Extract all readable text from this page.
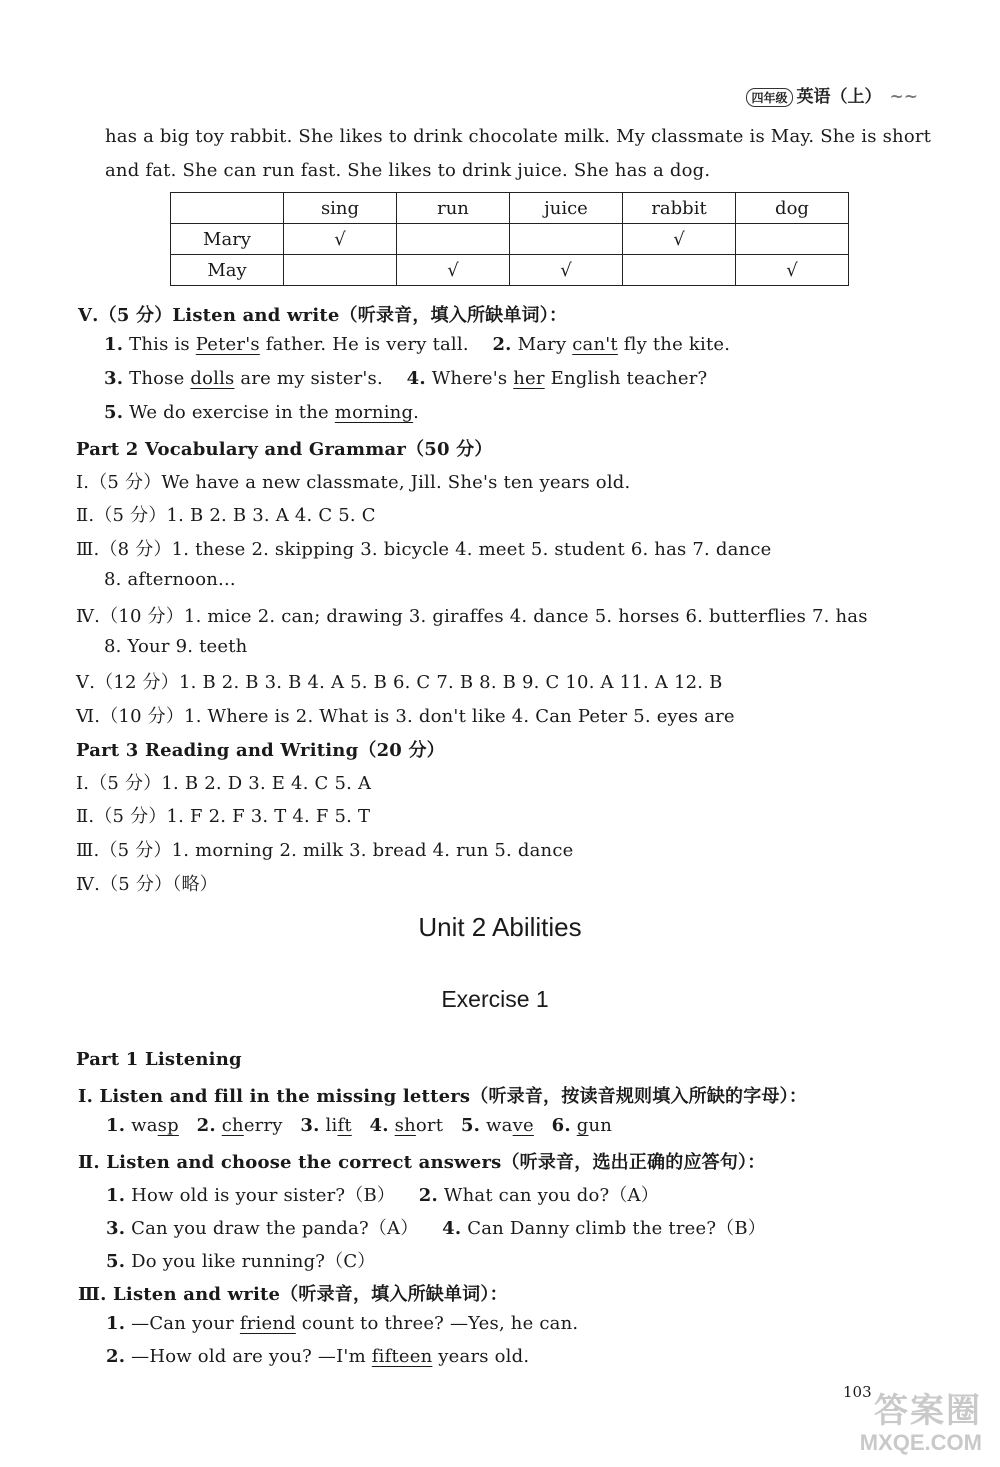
四年级 英语（上） ~~
has a big toy rabbit. She likes to drink chocolate milk. My classmate is May. She is short
and fat. She can run fast. She likes to drink juice. She has a dog.
	sing	run	juice	rabbit	dog
Mary	√			√	
May		√	√		√
Ⅴ.（5 分）Listen and write（听录音，填入所缺单词）：
1. This is Peter's father. He is very tall. 2. Mary can't fly the kite.
3. Those dolls are my sister's. 4. Where's her English teacher?
5. We do exercise in the morning.
Part 2 Vocabulary and Grammar（50 分）
Ⅰ.（5 分）We have a new classmate, Jill. She's ten years old.
Ⅱ.（5 分）1. B 2. B 3. A 4. C 5. C
Ⅲ.（8 分）1. these 2. skipping 3. bicycle 4. meet 5. student 6. has 7. dance
8. afternoon...
Ⅳ.（10 分）1. mice 2. can; drawing 3. giraffes 4. dance 5. horses 6. butterflies 7. has
8. Your 9. teeth
Ⅴ.（12 分）1. B 2. B 3. B 4. A 5. B 6. C 7. B 8. B 9. C 10. A 11. A 12. B
Ⅵ.（10 分）1. Where is 2. What is 3. don't like 4. Can Peter 5. eyes are
Part 3 Reading and Writing（20 分）
Ⅰ.（5 分）1. B 2. D 3. E 4. C 5. A
Ⅱ.（5 分）1. F 2. F 3. T 4. F 5. T
Ⅲ.（5 分）1. morning 2. milk 3. bread 4. run 5. dance
Ⅳ.（5 分）（略）
Unit 2 Abilities
Exercise 1
Part 1 Listening
Ⅰ. Listen and fill in the missing letters（听录音，按读音规则填入所缺的字母）：
1. wasp 2. cherry 3. lift 4. short 5. wave 6. gun
Ⅱ. Listen and choose the correct answers（听录音，选出正确的应答句）：
1. How old is your sister?（B） 2. What can you do?（A）
3. Can you draw the panda?（A） 4. Can Danny climb the tree?（B）
5. Do you like running?（C）
Ⅲ. Listen and write（听录音，填入所缺单词）：
1. —Can your friend count to three? —Yes, he can.
2. —How old are you? —I'm fifteen years old.
103
答案圈
MXQE.COM
